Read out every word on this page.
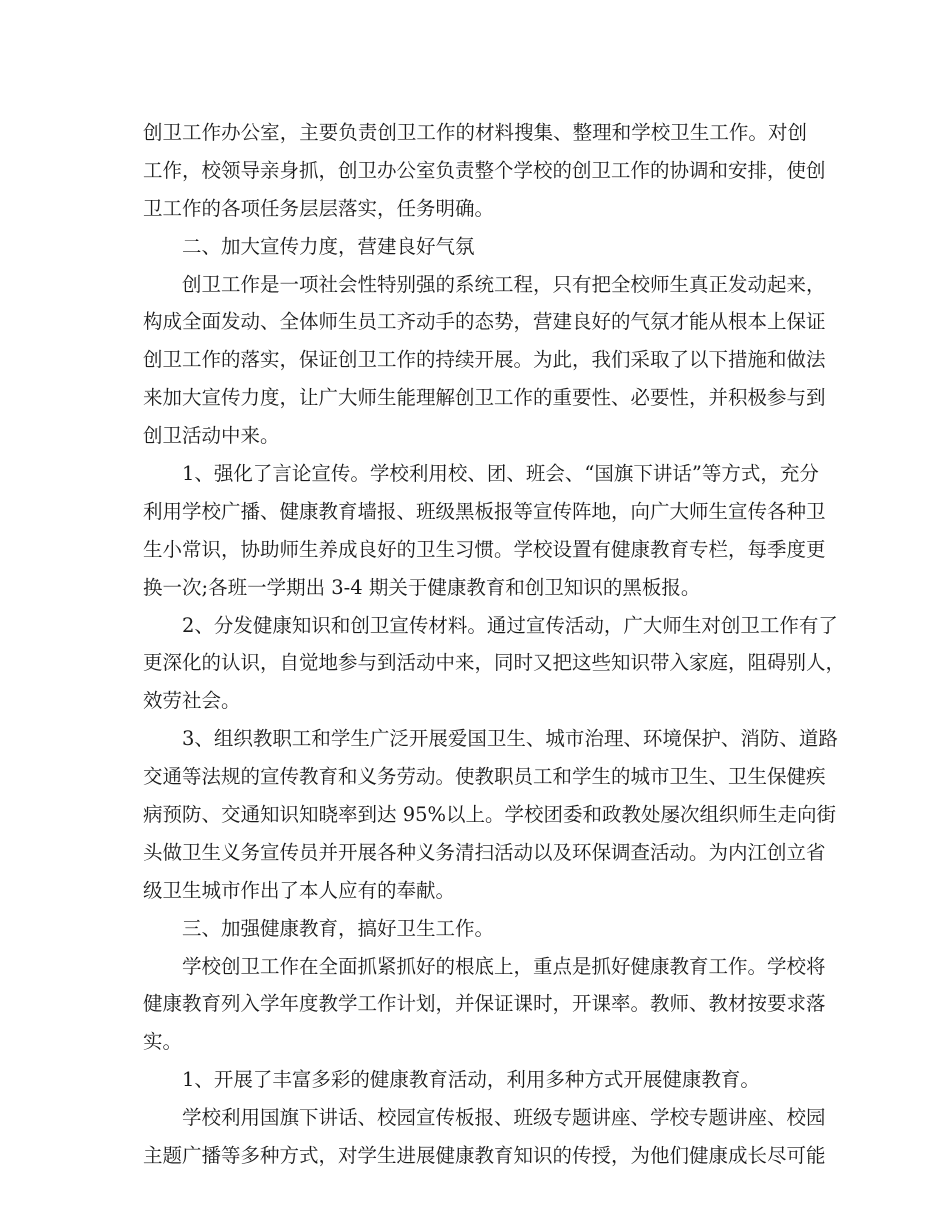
创卫工作办公室，主要负责创卫工作的材料搜集、整理和学校卫生工作。对创
工作，校领导亲身抓，创卫办公室负责整个学校的创卫工作的协调和安排，使创
卫工作的各项任务层层落实，任务明确。
二、加大宣传力度，营建良好气氛
创卫工作是一项社会性特别强的系统工程，只有把全校师生真正发动起来，
构成全面发动、全体师生员工齐动手的态势，营建良好的气氛才能从根本上保证
创卫工作的落实，保证创卫工作的持续开展。为此，我们采取了以下措施和做法
来加大宣传力度，让广大师生能理解创卫工作的重要性、必要性，并积极参与到
创卫活动中来。
1、强化了言论宣传。学校利用校、团、班会、“国旗下讲话”等方式，充分
利用学校广播、健康教育墙报、班级黑板报等宣传阵地，向广大师生宣传各种卫
生小常识，协助师生养成良好的卫生习惯。学校设置有健康教育专栏，每季度更
换一次;各班一学期出 3-4 期关于健康教育和创卫知识的黑板报。
2、分发健康知识和创卫宣传材料。通过宣传活动，广大师生对创卫工作有了
更深化的认识，自觉地参与到活动中来，同时又把这些知识带入家庭，阻碍别人，
效劳社会。
3、组织教职工和学生广泛开展爱国卫生、城市治理、环境保护、消防、道路
交通等法规的宣传教育和义务劳动。使教职员工和学生的城市卫生、卫生保健疾
病预防、交通知识知晓率到达 95%以上。学校团委和政教处屡次组织师生走向街
头做卫生义务宣传员并开展各种义务清扫活动以及环保调查活动。为内江创立省
级卫生城市作出了本人应有的奉献。
三、加强健康教育，搞好卫生工作。
学校创卫工作在全面抓紧抓好的根底上，重点是抓好健康教育工作。学校将
健康教育列入学年度教学工作计划，并保证课时，开课率。教师、教材按要求落
实。
1、开展了丰富多彩的健康教育活动，利用多种方式开展健康教育。
学校利用国旗下讲话、校园宣传板报、班级专题讲座、学校专题讲座、校园
主题广播等多种方式，对学生进展健康教育知识的传授，为他们健康成长尽可能
